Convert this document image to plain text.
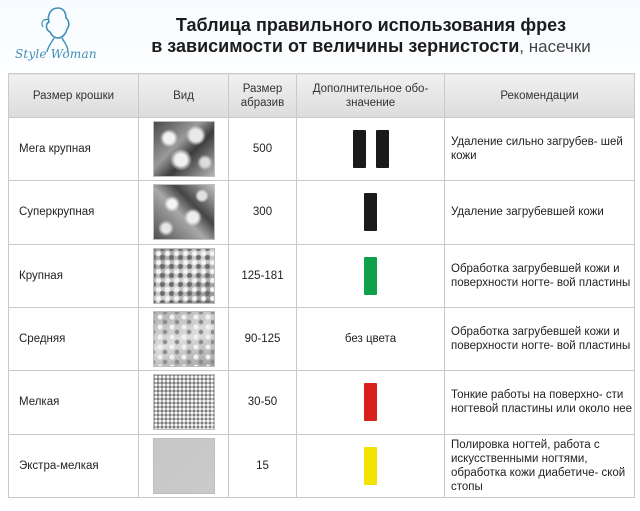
Style Woman
Таблица правильного использования фрез
в зависимости от величины зернистости, насечки
Размер крошки	Вид	Размер абразив	Дополнительное обо- значение	Рекомендации
Мега крупная		500		Удаление сильно загрубев- шей кожи
Суперкрупная		300		Удаление загрубевшей кожи
Крупная		125-181		Обработка загрубевшей кожи и поверхности ногте- вой пластины
Средняя		90-125	без цвета	Обработка загрубевшей кожи и поверхности ногте- вой пластины
Мелкая		30-50		Тонкие работы на поверхно- сти ногтевой пластины или около нее
Экстра-мелкая		15		Полировка ногтей, работа с искусственными ногтями, обработка кожи диабетиче- ской стопы
